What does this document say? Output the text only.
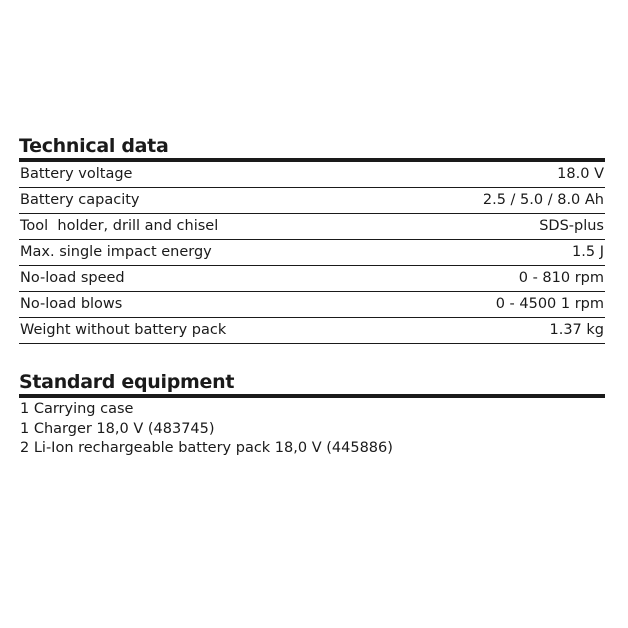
Technical data
Battery voltage	18.0 V
Battery capacity	2.5 / 5.0 / 8.0 Ah
Tool  holder, drill and chisel	SDS-plus
Max. single impact energy	1.5 J
No-load speed	0 - 810 rpm
No-load blows	0 - 4500 1 rpm
Weight without battery pack	1.37 kg
Standard equipment
1 Carrying case
1 Charger 18,0 V (483745)
2 Li-Ion rechargeable battery pack 18,0 V (445886)
